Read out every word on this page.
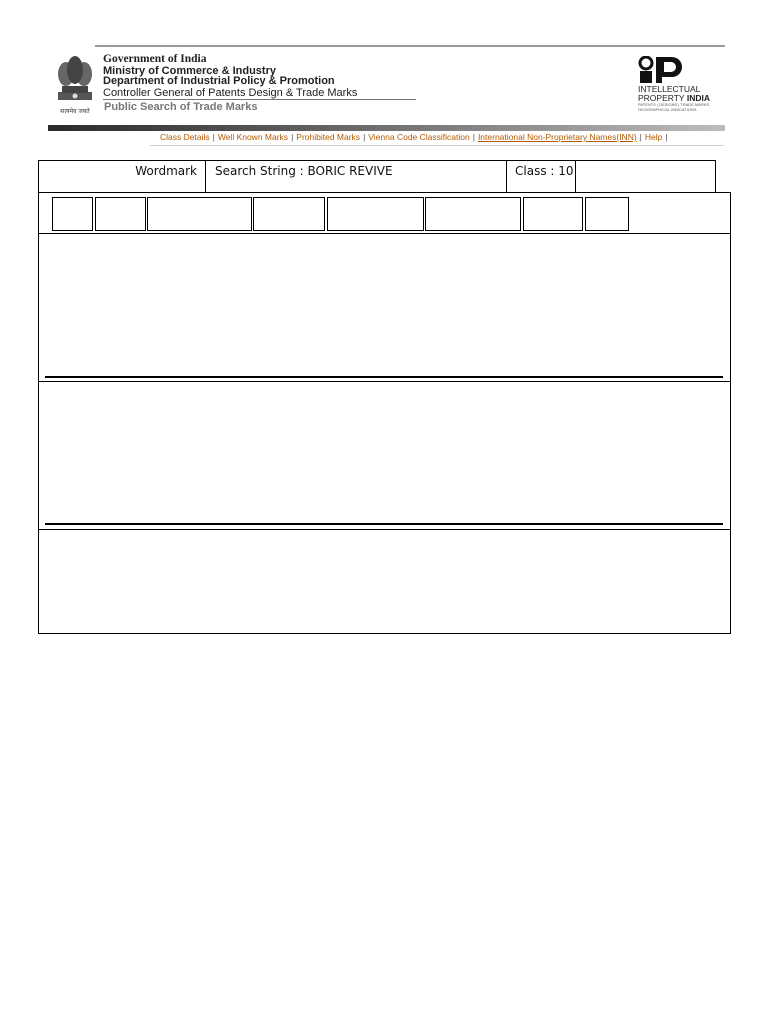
सत्यमेव जयते
Government of India
Ministry of Commerce & Industry
Department of Industrial Policy & Promotion
Controller General of Patents Design & Trade Marks
Public Search of Trade Marks
INTELLECTUAL
PROPERTY INDIA
PATENTS | DESIGNS | TRADE MARKS
GEOGRAPHICAL INDICATIONS
Class Details | Well Known Marks | Prohibited Marks | Vienna Code Classification | International Non-Proprietary Names(INN) | Help |
Wordmark Search String : BORIC REVIVE	Class : 10
